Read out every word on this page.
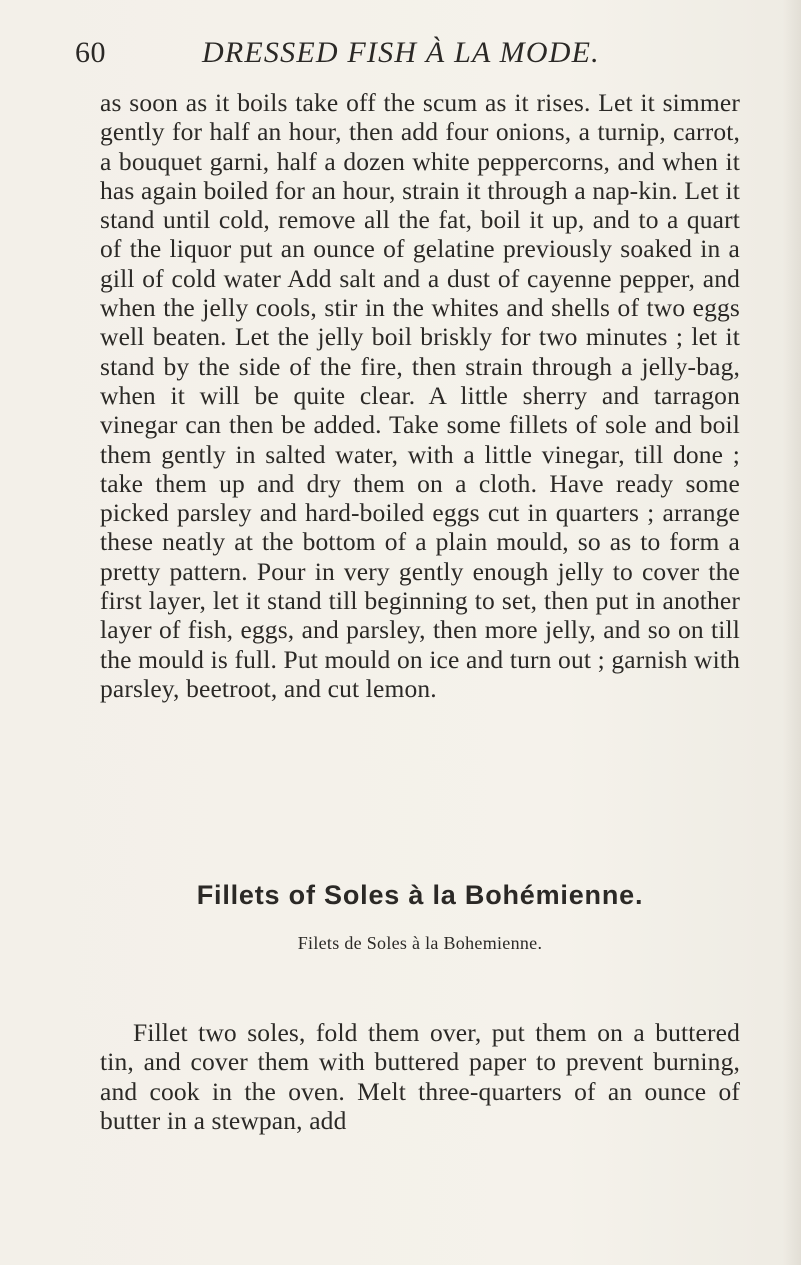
60	DRESSED FISH À LA MODE.

as soon as it boils take off the scum as it rises. Let it simmer gently for half an hour, then add four onions, a turnip, carrot, a bouquet garni, half a dozen white peppercorns, and when it has again boiled for an hour, strain it through a nap-kin. Let it stand until cold, remove all the fat, boil it up, and to a quart of the liquor put an ounce of gelatine previously soaked in a gill of cold water Add salt and a dust of cayenne pepper, and when the jelly cools, stir in the whites and shells of two eggs well beaten. Let the jelly boil briskly for two minutes ; let it stand by the side of the fire, then strain through a jelly-bag, when it will be quite clear. A little sherry and tarragon vinegar can then be added. Take some fillets of sole and boil them gently in salted water, with a little vinegar, till done ; take them up and dry them on a cloth. Have ready some picked parsley and hard-boiled eggs cut in quarters ; arrange these neatly at the bottom of a plain mould, so as to form a pretty pattern. Pour in very gently enough jelly to cover the first layer, let it stand till beginning to set, then put in another layer of fish, eggs, and parsley, then more jelly, and so on till the mould is full. Put mould on ice and turn out ; garnish with parsley, beetroot, and cut lemon.

Fillets of Soles à la Bohémienne.

Filets de Soles à la Bohemienne.

Fillet two soles, fold them over, put them on a buttered tin, and cover them with buttered paper to prevent burning, and cook in the oven. Melt three-quarters of an ounce of butter in a stewpan, add
